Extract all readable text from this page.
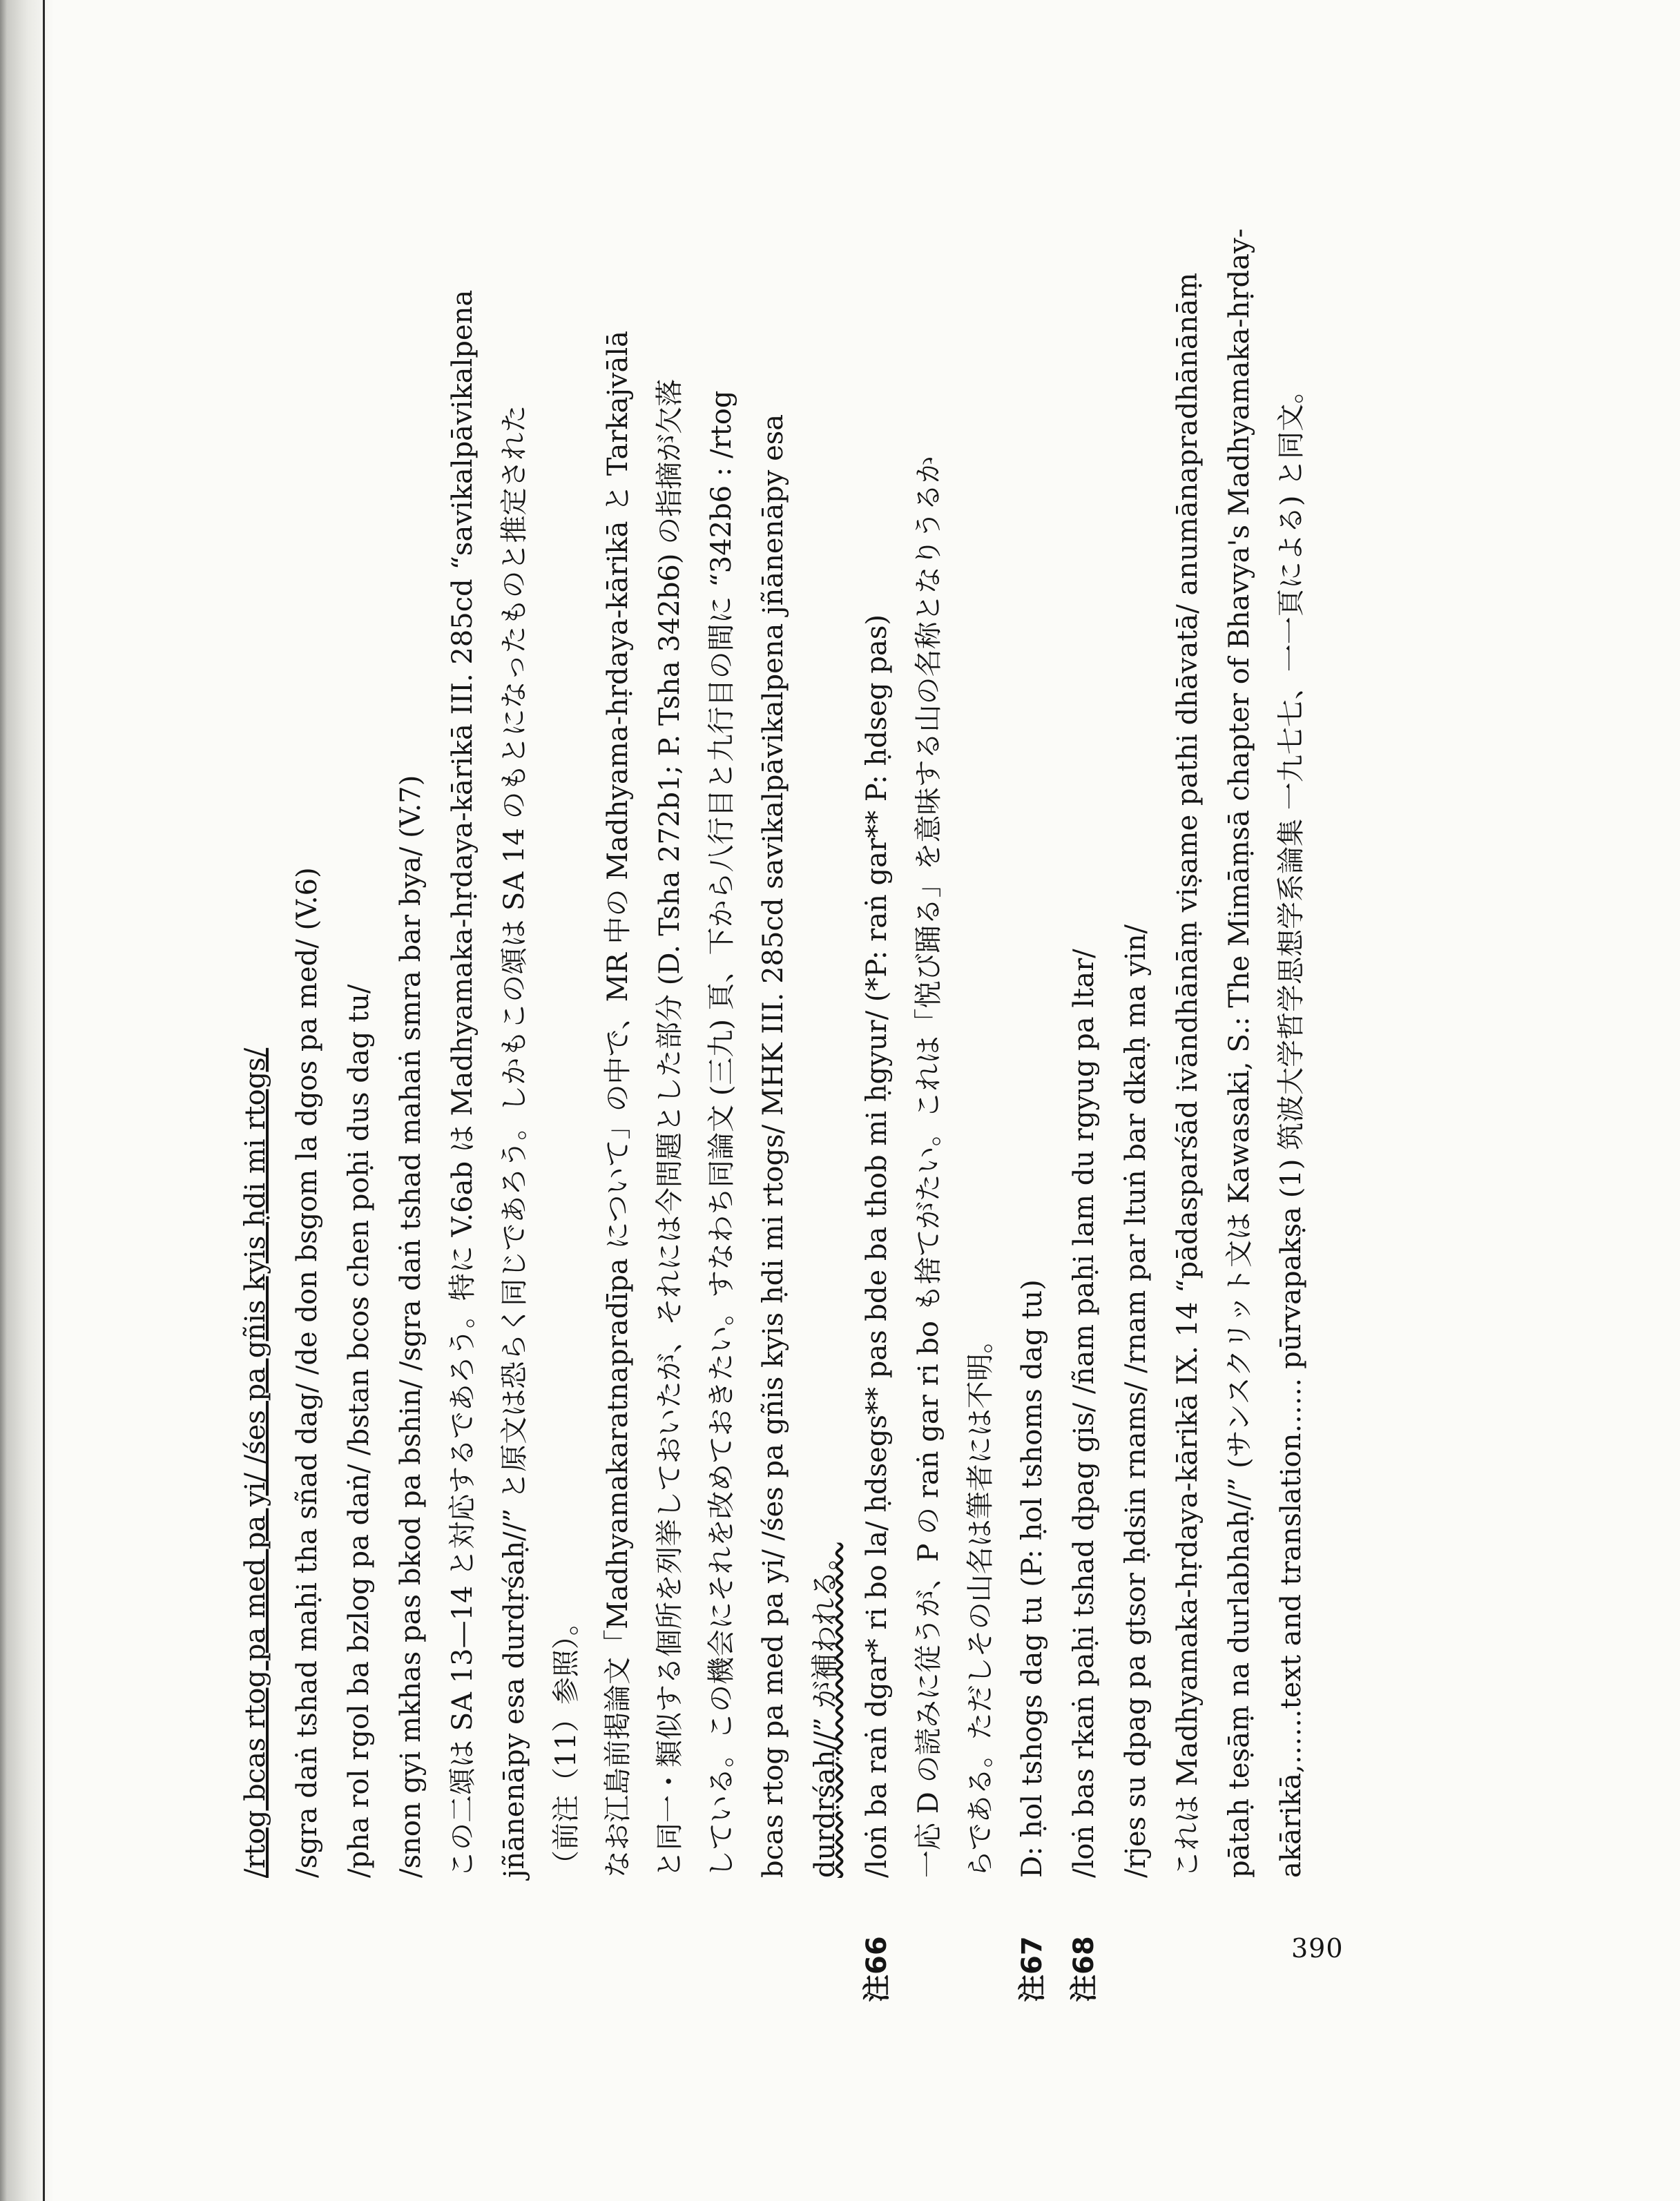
390
/rtog bcas rtog pa med pa yi/ /śes pa gñis kyis ḥdi mi rtogs/ /sgra daṅ tshad maḥi tha sñad dag/ /de don bsgom la dgos pa med/ (V.6) /pha rol rgol ba bzlog pa daṅ/ /bstan bcos chen poḥi dus dag tu/ /snon gyi mkhas pas bkod pa bshin/ /sgra daṅ tshad mahaṅ smra bar bya/ (V.7) この二頌は SA 13—14 と対応するであろう。特に V.6ab は Madhyamaka-hṛdaya-kārikā III. 285cd “savikalpāvikalpena jñānenāpy esa durdṛśaḥ//” と原文は恐らく同じであろう。しかもこの頌は SA 14 のもとになったものと推定された （前注（11）参照）。 なお江島前掲論文「Madhyamakaratnapradīpa について」の中で、MR 中の Madhyama-hṛdaya-kārikā と Tarkajvālā と同一・類似する個所を列挙しておいたが、それには今問題とした部分 (D. Tsha 272b1; P. Tsha 342b6) の指摘が欠落 している。この機会にそれを改めておきたい。すなわち同論文 (三九) 頁、下から八行目と九行目の間に “342b6 : /rtog bcas rtog pa med pa yi/ /śes pa gñis kyis ḥdi mi rtogs/ MHK III. 285cd savikalpāvikalpena jñānenāpy esa durdṛśaḥ//” が補われる。
注66
/loṅ ba raṅ dgar* ri bo la/ ḥdsegs** pas bde ba thob mi ḥgyur/ (*P: raṅ gar** P: ḥdseg pas) 一応 D の読みに従うが、P の raṅ gar ri bo も捨てがたい。これは「悦び踊る」を意味する山の名称となりうるか らである。ただしその山名は筆者には不明。
注67
D: ḥol tshogs dag tu (P: ḥol tshoms dag tu)
注68
/loṅ bas rkaṅ paḥi tshad dpag gis/ /ñam paḥi lam du rgyug pa ltar/ /rjes su dpag pa gtsor ḥdsin rnams/ /rnam par ltuṅ bar dkaḥ ma yin/ これは Madhyamaka-hṛdaya-kārikā IX. 14 “pādasparśād ivāndhānāṃ viṣame pathi dhāvatā/ anumānapradhānānāṃ pātaḥ teṣāṃ na durlabhaḥ//” (サンスクリット文は Kawasaki, S.: The Mimāṃsā chapter of Bhavya's Madhyamaka-hṛday- akārikā,……text and translation…… pūrvapakṣa (1) 筑波大学哲学思想学系論集 一九七七、一一頁による) と同文。
